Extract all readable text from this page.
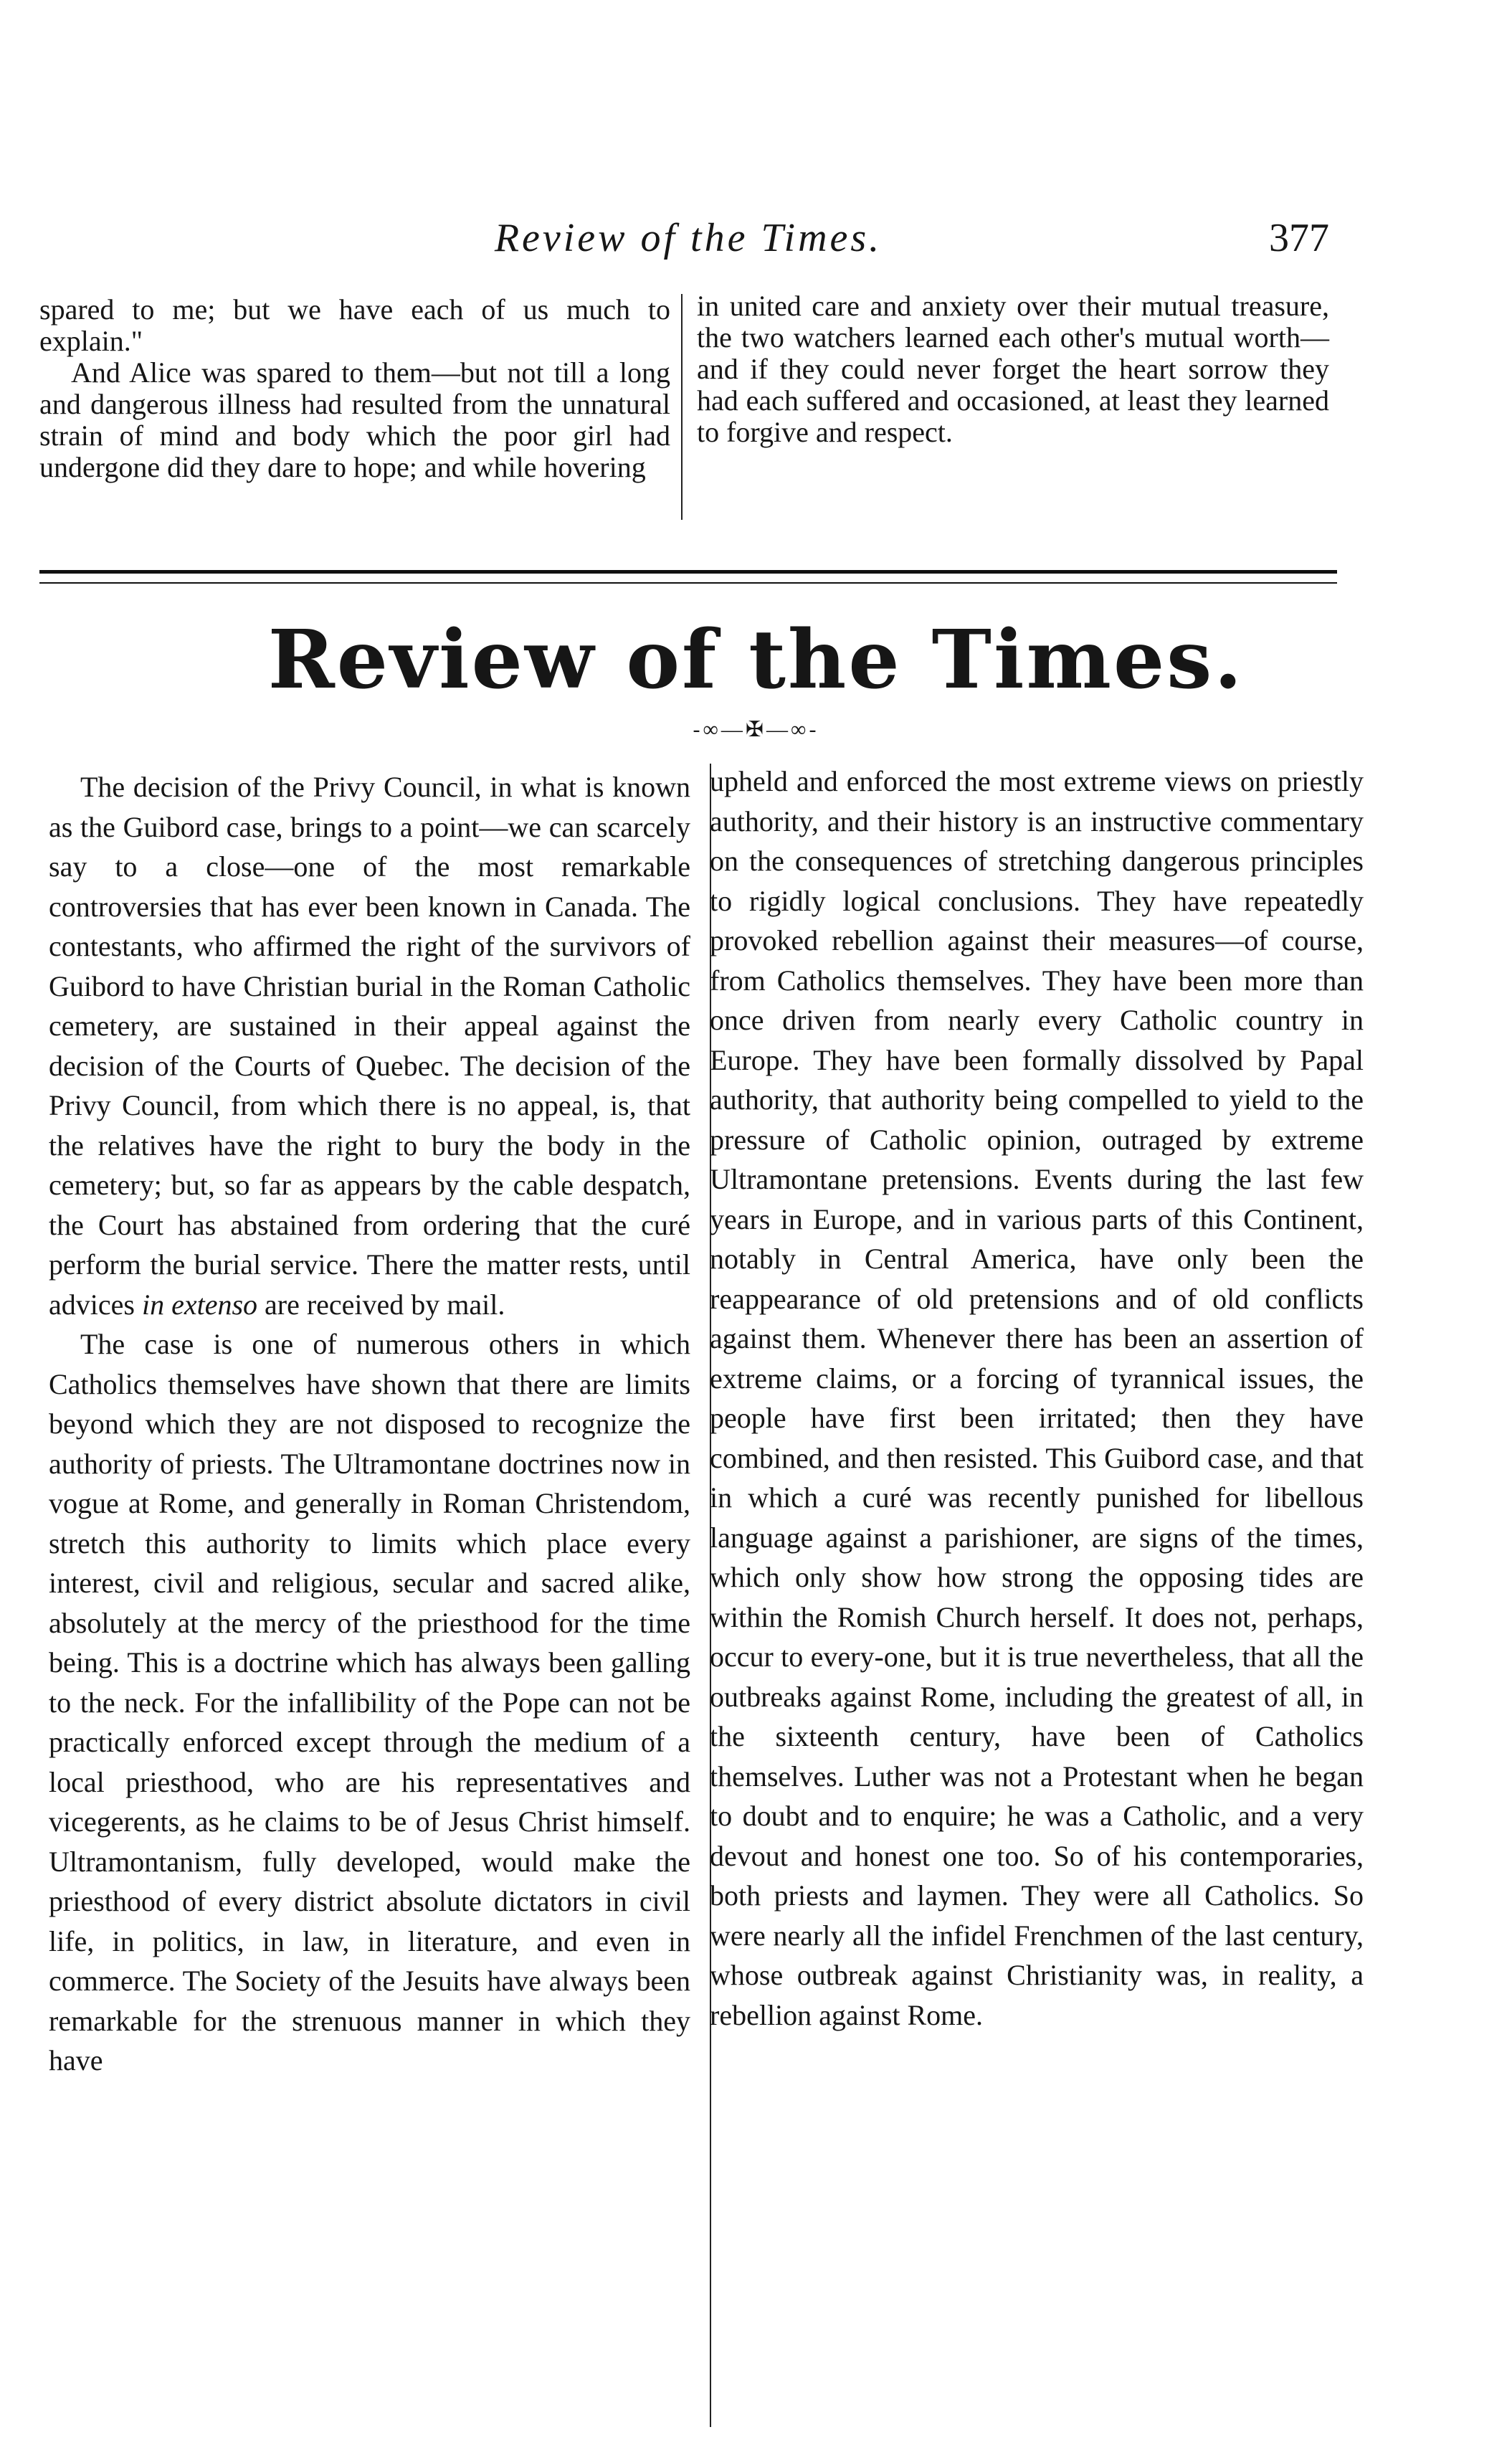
Review of the Times.	377

spared to me; but we have each of us much to explain."

And Alice was spared to them—but not till a long and dangerous illness had resulted from the unnatural strain of mind and body which the poor girl had undergone did they dare to hope; and while hovering

in united care and anxiety over their mutual treasure, the two watchers learned each other's mutual worth—and if they could never forget the heart sorrow they had each suffered and occasioned, at least they learned to forgive and respect.

Review of the Times.
-∞—✠—∞-

The decision of the Privy Council, in what is known as the Guibord case, brings to a point—we can scarcely say to a close—one of the most remarkable controversies that has ever been known in Canada. The contestants, who affirmed the right of the survivors of Guibord to have Christian burial in the Roman Catholic cemetery, are sustained in their appeal against the decision of the Courts of Quebec. The decision of the Privy Council, from which there is no appeal, is, that the relatives have the right to bury the body in the cemetery; but, so far as appears by the cable despatch, the Court has abstained from ordering that the curé perform the burial service. There the matter rests, until advices in extenso are received by mail.

The case is one of numerous others in which Catholics themselves have shown that there are limits beyond which they are not disposed to recognize the authority of priests. The Ultramontane doctrines now in vogue at Rome, and generally in Roman Christendom, stretch this authority to limits which place every interest, civil and religious, secular and sacred alike, absolutely at the mercy of the priesthood for the time being. This is a doctrine which has always been galling to the neck. For the infallibility of the Pope can not be practically enforced except through the medium of a local priesthood, who are his representatives and vicegerents, as he claims to be of Jesus Christ himself. Ultramontanism, fully developed, would make the priesthood of every district absolute dictators in civil life, in politics, in law, in literature, and even in commerce. The Society of the Jesuits have always been remarkable for the strenuous manner in which they have

upheld and enforced the most extreme views on priestly authority, and their history is an instructive commentary on the consequences of stretching dangerous principles to rigidly logical conclusions. They have repeatedly provoked rebellion against their measures—of course, from Catholics themselves. They have been more than once driven from nearly every Catholic country in Europe. They have been formally dissolved by Papal authority, that authority being compelled to yield to the pressure of Catholic opinion, outraged by extreme Ultramontane pretensions. Events during the last few years in Europe, and in various parts of this Continent, notably in Central America, have only been the reappearance of old pretensions and of old conflicts against them. Whenever there has been an assertion of extreme claims, or a forcing of tyrannical issues, the people have first been irritated; then they have combined, and then resisted. This Guibord case, and that in which a curé was recently punished for libellous language against a parishioner, are signs of the times, which only show how strong the opposing tides are within the Romish Church herself. It does not, perhaps, occur to every-one, but it is true nevertheless, that all the outbreaks against Rome, including the greatest of all, in the sixteenth century, have been of Catholics themselves. Luther was not a Protestant when he began to doubt and to enquire; he was a Catholic, and a very devout and honest one too. So of his contemporaries, both priests and laymen. They were all Catholics. So were nearly all the infidel Frenchmen of the last century, whose outbreak against Christianity was, in reality, a rebellion against Rome.
